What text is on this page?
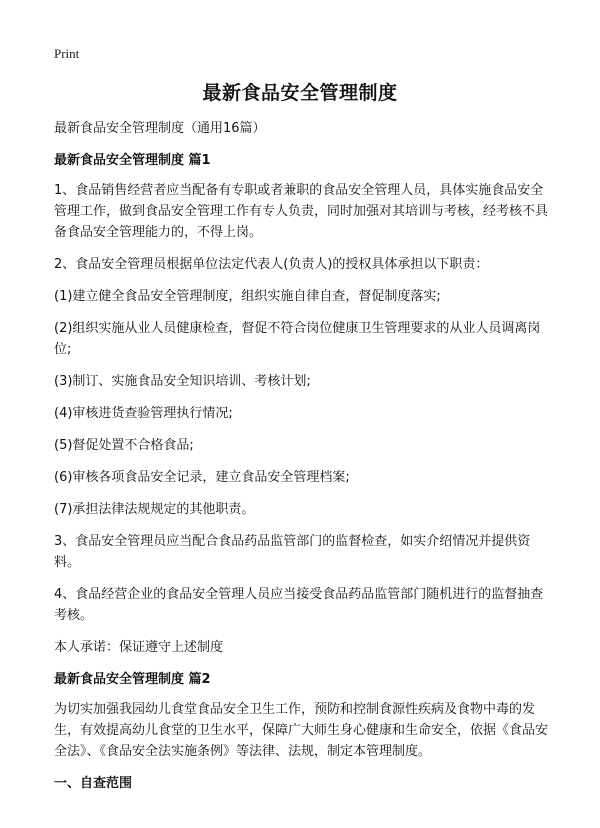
Print
最新食品安全管理制度

最新食品安全管理制度（通用16篇）

最新食品安全管理制度 篇1

1、食品销售经营者应当配备有专职或者兼职的食品安全管理人员，具体实施食品安全管理工作，做到食品安全管理工作有专人负责，同时加强对其培训与考核，经考核不具备食品安全管理能力的，不得上岗。

2、食品安全管理员根据单位法定代表人(负责人)的授权具体承担以下职责：

(1)建立健全食品安全管理制度，组织实施自律自查，督促制度落实;

(2)组织实施从业人员健康检查，督促不符合岗位健康卫生管理要求的从业人员调离岗位;

(3)制订、实施食品安全知识培训、考核计划;

(4)审核进货查验管理执行情况;

(5)督促处置不合格食品;

(6)审核各项食品安全记录，建立食品安全管理档案;

(7)承担法律法规规定的其他职责。

3、食品安全管理员应当配合食品药品监管部门的监督检查，如实介绍情况并提供资料。

4、食品经营企业的食品安全管理人员应当接受食品药品监管部门随机进行的监督抽查考核。

本人承诺：保证遵守上述制度

最新食品安全管理制度 篇2

为切实加强我园幼儿食堂食品安全卫生工作，预防和控制食源性疾病及食物中毒的发生，有效提高幼儿食堂的卫生水平，保障广大师生身心健康和生命安全，依据《食品安全法》、《食品安全法实施条例》等法律、法规，制定本管理制度。

一、自查范围
